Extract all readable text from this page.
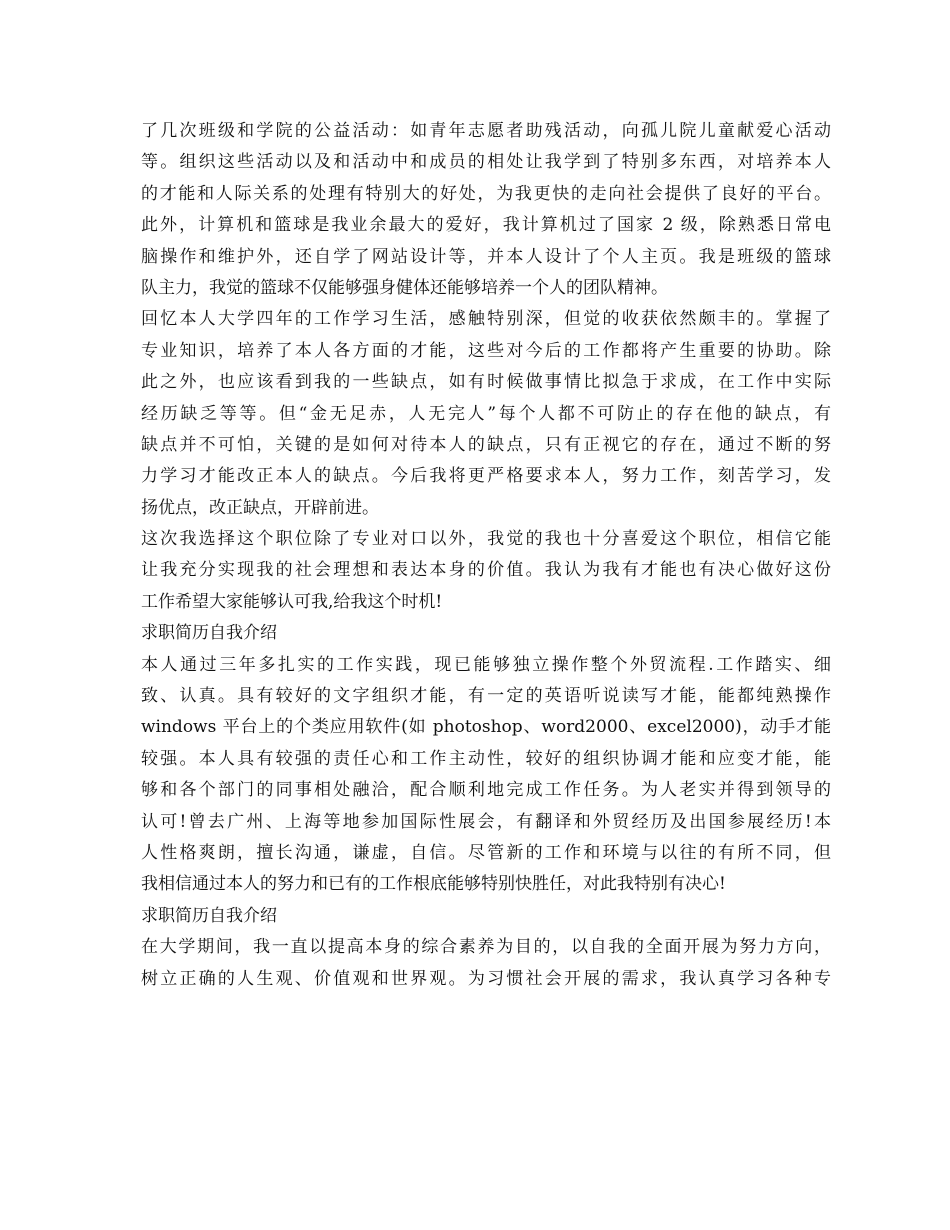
了几次班级和学院的公益活动：如青年志愿者助残活动，向孤儿院儿童献爱心活动
等。组织这些活动以及和活动中和成员的相处让我学到了特别多东西，对培养本人
的才能和人际关系的处理有特别大的好处，为我更快的走向社会提供了良好的平台。
此外，计算机和篮球是我业余最大的爱好，我计算机过了国家 2 级，除熟悉日常电
脑操作和维护外，还自学了网站设计等，并本人设计了个人主页。我是班级的篮球
队主力，我觉的篮球不仅能够强身健体还能够培养一个人的团队精神。
回忆本人大学四年的工作学习生活，感触特别深，但觉的收获依然颇丰的。掌握了
专业知识，培养了本人各方面的才能，这些对今后的工作都将产生重要的协助。除
此之外，也应该看到我的一些缺点，如有时候做事情比拟急于求成，在工作中实际
经历缺乏等等。但“金无足赤，人无完人”每个人都不可防止的存在他的缺点，有
缺点并不可怕，关键的是如何对待本人的缺点，只有正视它的存在，通过不断的努
力学习才能改正本人的缺点。今后我将更严格要求本人，努力工作，刻苦学习，发
扬优点，改正缺点，开辟前进。
这次我选择这个职位除了专业对口以外，我觉的我也十分喜爱这个职位，相信它能
让我充分实现我的社会理想和表达本身的价值。我认为我有才能也有决心做好这份
工作希望大家能够认可我,给我这个时机!
求职简历自我介绍
本人通过三年多扎实的工作实践，现已能够独立操作整个外贸流程.工作踏实、细
致、认真。具有较好的文字组织才能，有一定的英语听说读写才能，能都纯熟操作
windows 平台上的个类应用软件(如 photoshop、word2000、excel2000)，动手才能
较强。本人具有较强的责任心和工作主动性，较好的组织协调才能和应变才能，能
够和各个部门的同事相处融洽，配合顺利地完成工作任务。为人老实并得到领导的
认可!曾去广州、上海等地参加国际性展会，有翻译和外贸经历及出国参展经历!本
人性格爽朗，擅长沟通，谦虚，自信。尽管新的工作和环境与以往的有所不同，但
我相信通过本人的努力和已有的工作根底能够特别快胜任，对此我特别有决心!
求职简历自我介绍
在大学期间，我一直以提高本身的综合素养为目的，以自我的全面开展为努力方向，
树立正确的人生观、价值观和世界观。为习惯社会开展的需求，我认真学习各种专
